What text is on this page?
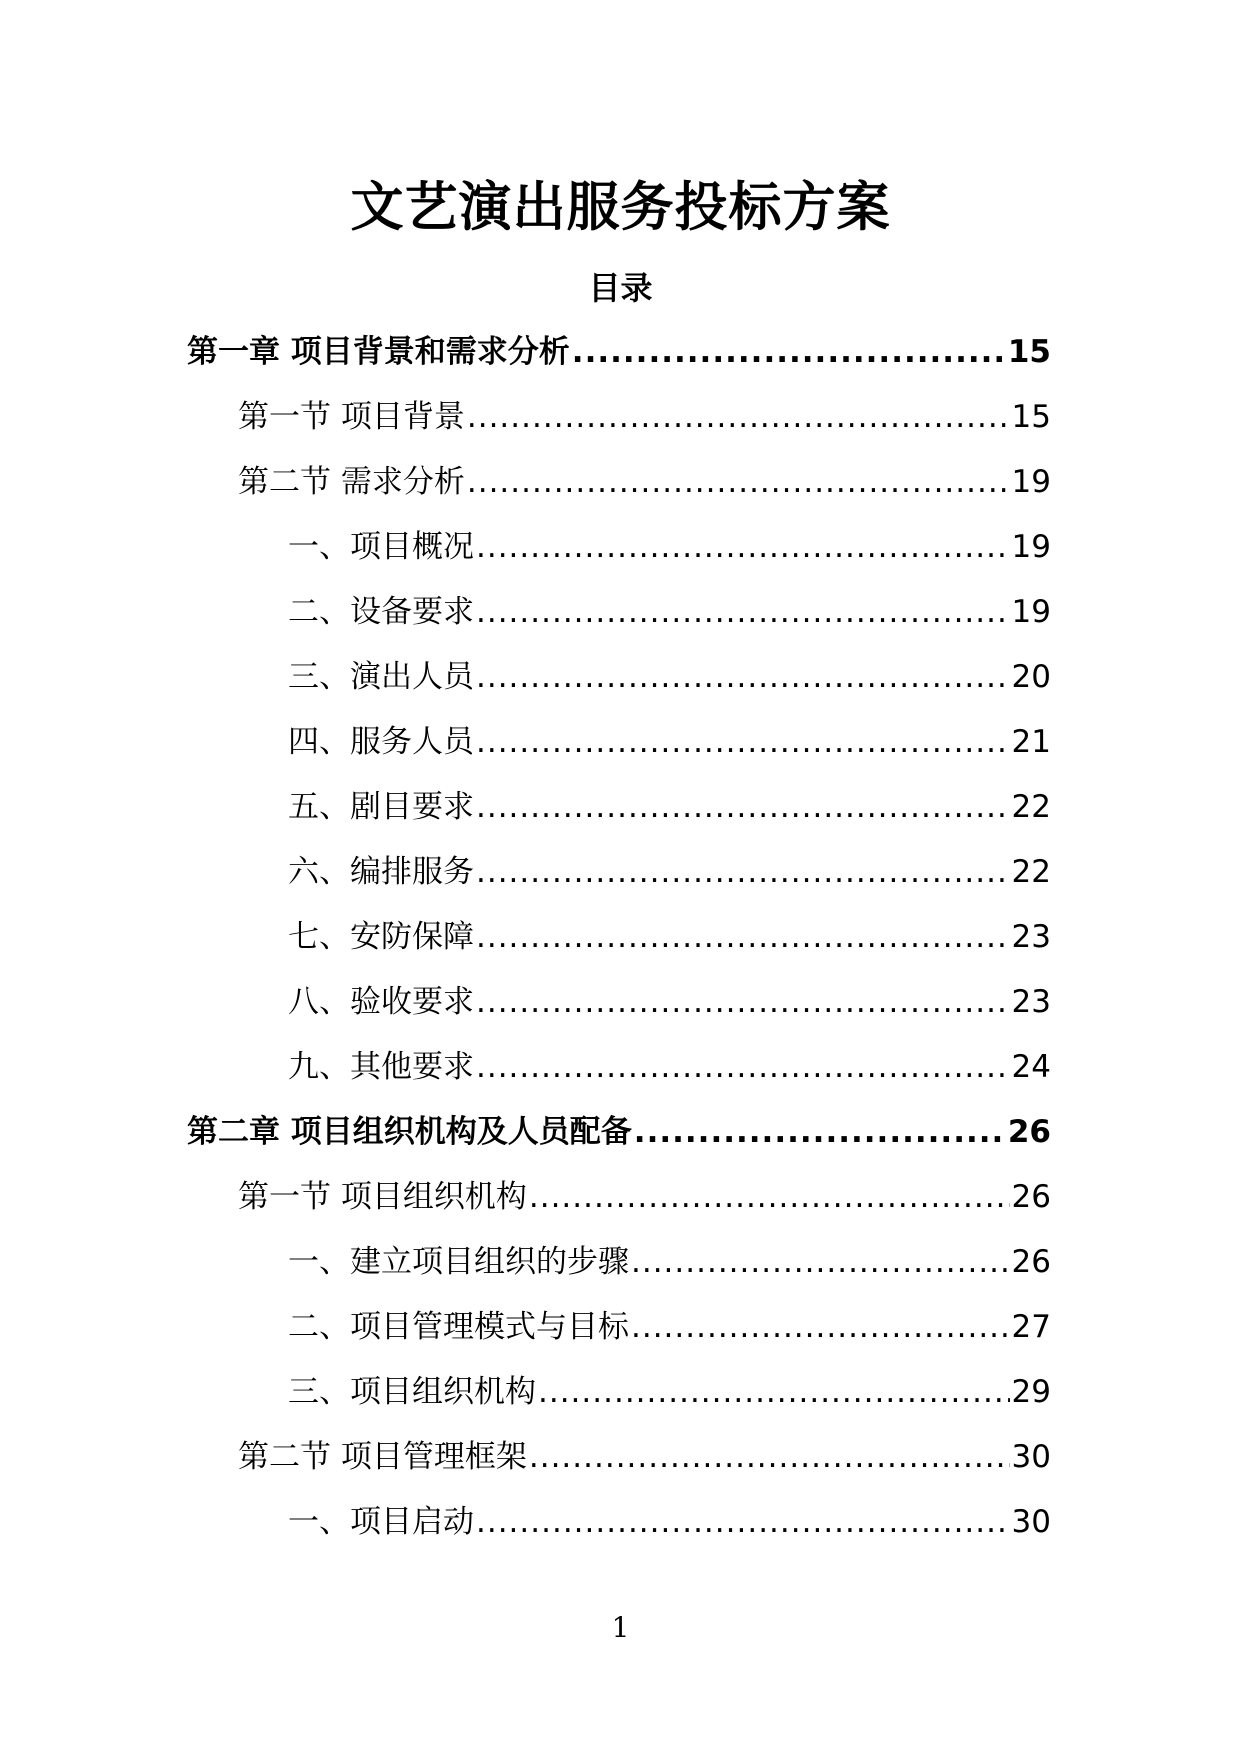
文艺演出服务投标方案
目录
第一章 项目背景和需求分析 .....	15
第一节 项目背景 .....	15
第二节 需求分析 .....	19
一、项目概况 .....	19
二、设备要求 .....	19
三、演出人员 .....	20
四、服务人员 .....	21
五、剧目要求 .....	22
六、编排服务 .....	22
七、安防保障 .....	23
八、验收要求 .....	23
九、其他要求 .....	24
第二章 项目组织机构及人员配备 .....	26
第一节 项目组织机构 .....	26
一、建立项目组织的步骤 .....	26
二、项目管理模式与目标 .....	27
三、项目组织机构 .....	29
第二节 项目管理框架 .....	30
一、项目启动 .....	30
1
